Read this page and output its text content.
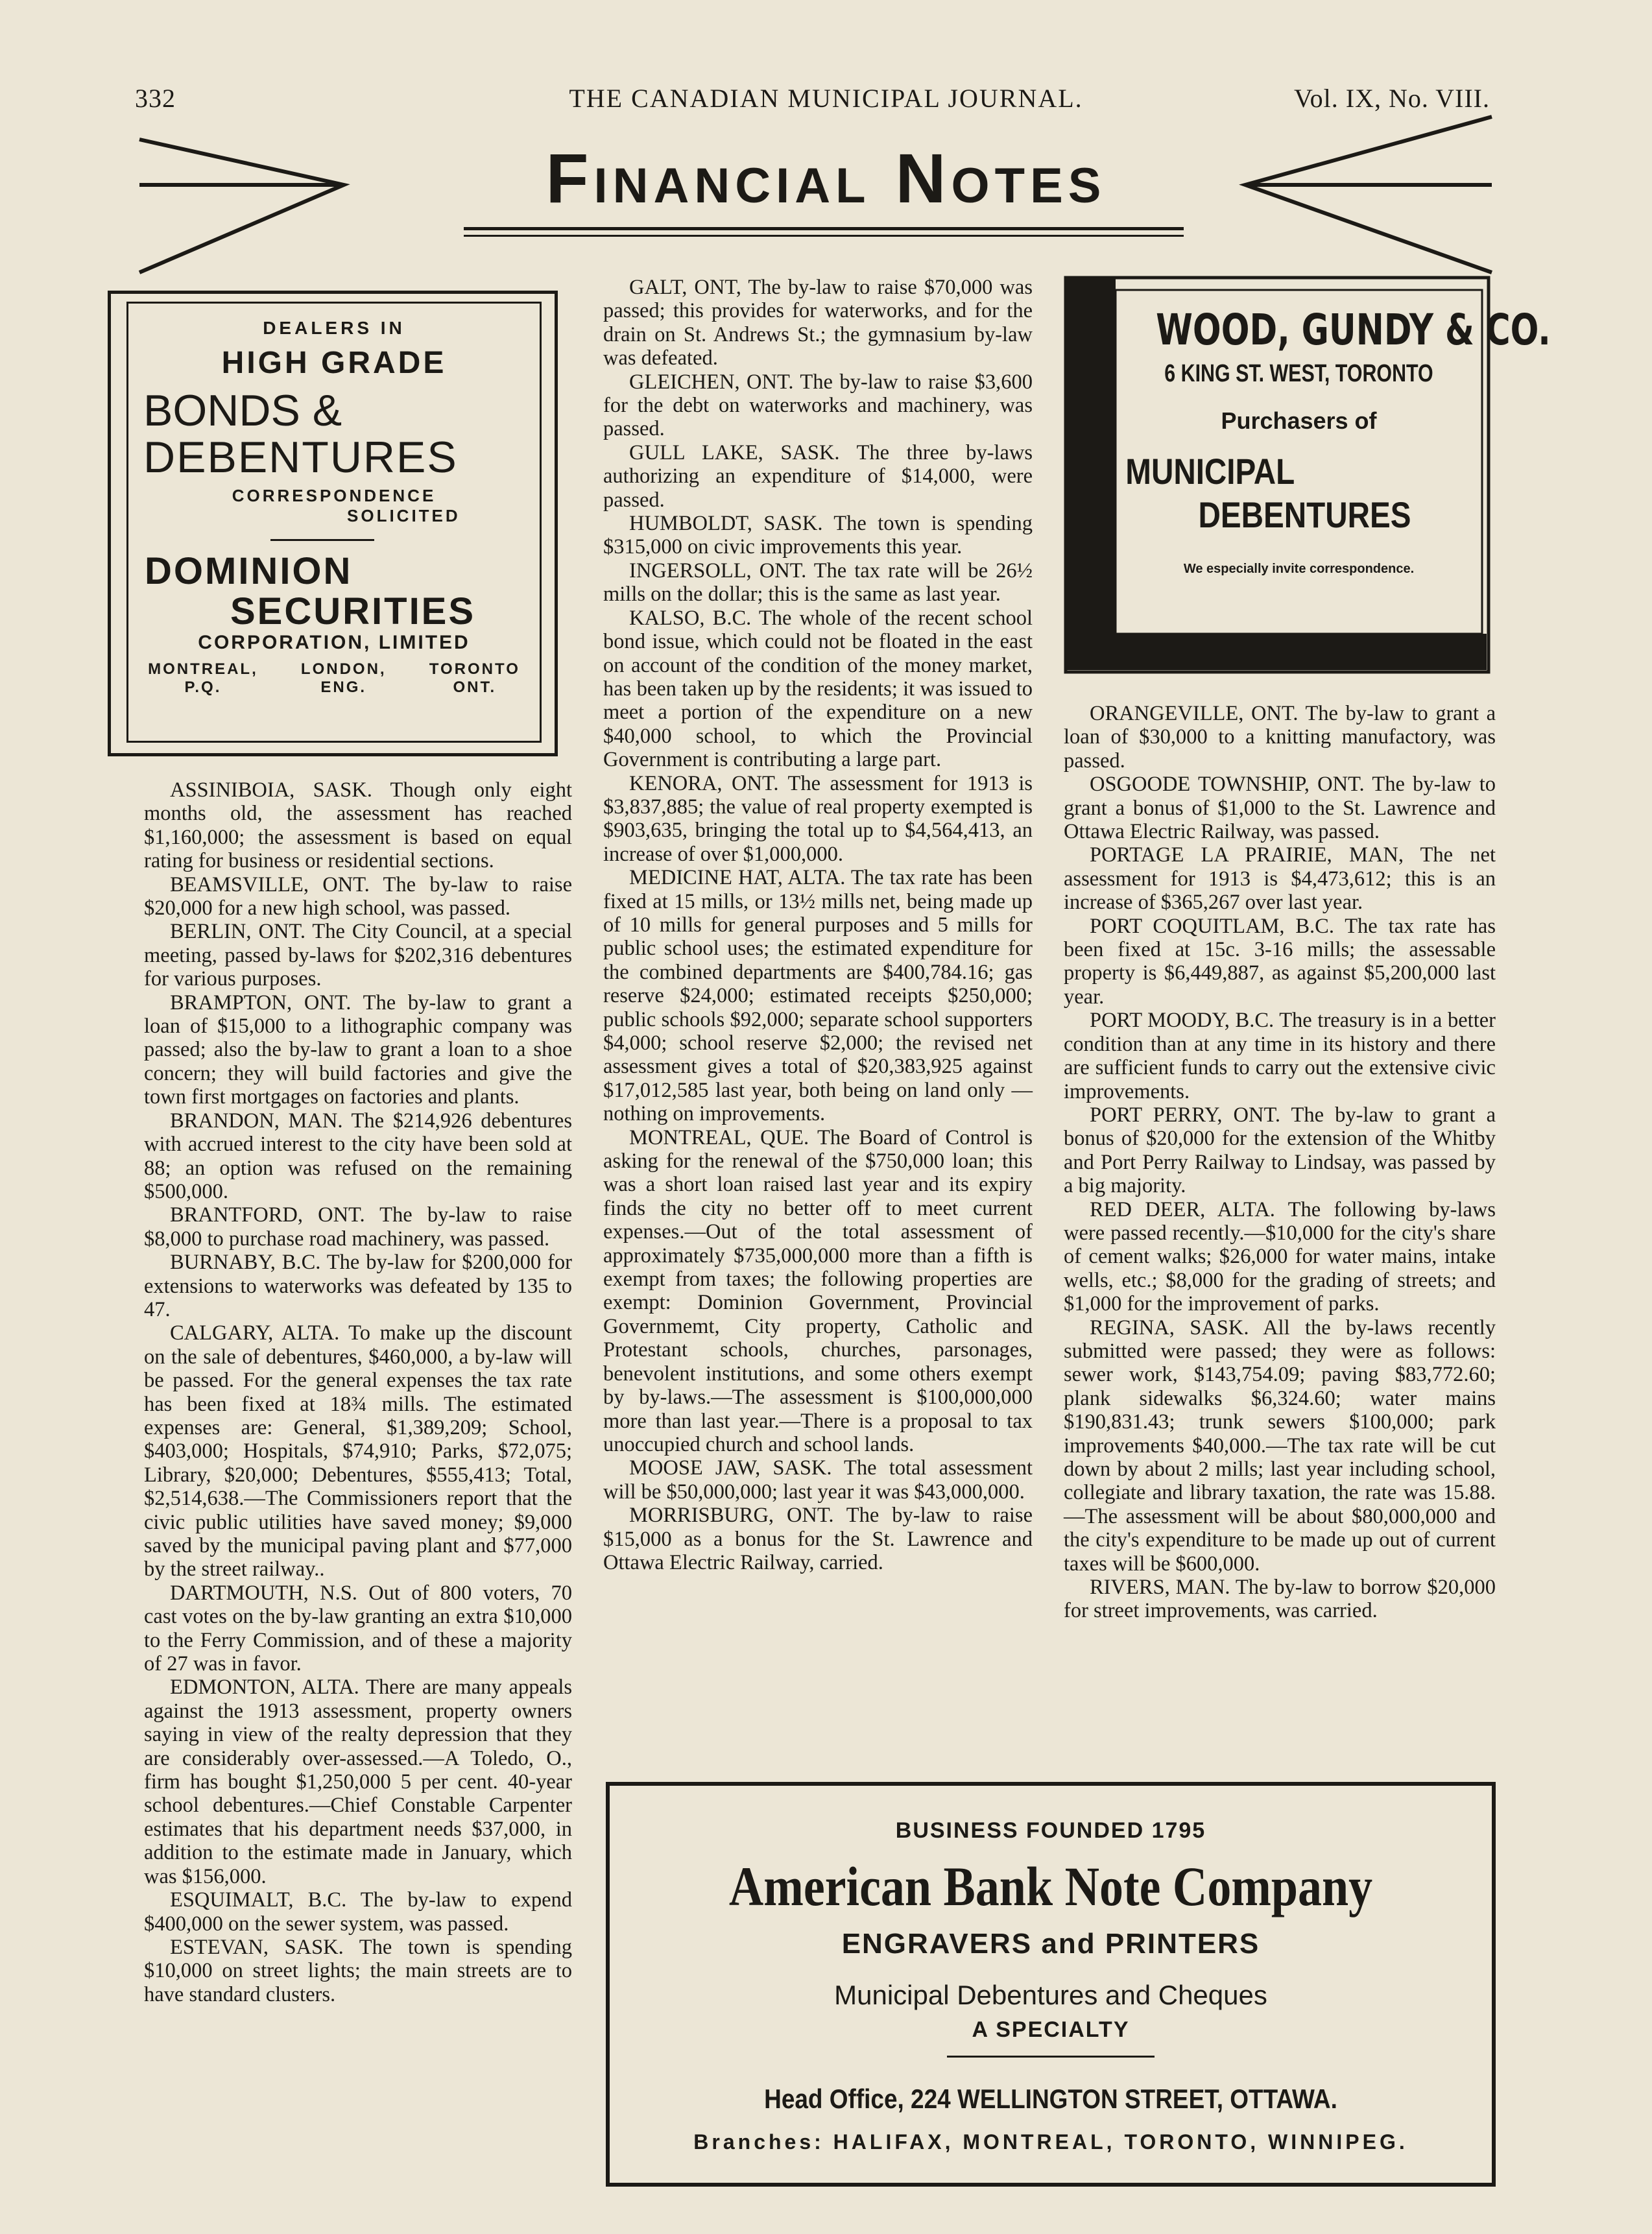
332	THE CANADIAN MUNICIPAL JOURNAL.	Vol. IX, No. VIII.
Financial Notes
DEALERS IN
HIGH GRADE
BONDS &
DEBENTURES
CORRESPONDENCE
SOLICITED
DOMINION
SECURITIES
CORPORATION, LIMITED
MONTREAL,
P.Q.
LONDON,
ENG.
TORONTO
ONT.
WOOD, GUNDY & CO.
6 KING ST. WEST, TORONTO
Purchasers of
MUNICIPAL
DEBENTURES
We especially invite correspondence.

ASSINIBOIA, SASK. Though only eight months old, the assessment has reached $1,160,000; the assessment is based on equal rating for business or residential sections.

BEAMSVILLE, ONT. The by-law to raise $20,000 for a new high school, was passed.

BERLIN, ONT. The City Council, at a special meeting, passed by-laws for $202,316 debentures for various purposes.

BRAMPTON, ONT. The by-law to grant a loan of $15,000 to a lithographic company was passed; also the by-law to grant a loan to a shoe concern; they will build factories and give the town first mortgages on factories and plants.

BRANDON, MAN. The $214,926 debentures with accrued interest to the city have been sold at 88; an option was refused on the remaining $500,000.

BRANTFORD, ONT. The by-law to raise $8,000 to purchase road machinery, was passed.

BURNABY, B.C. The by-law for $200,000 for extensions to waterworks was defeated by 135 to 47.

CALGARY, ALTA. To make up the discount on the sale of debentures, $460,000, a by-law will be passed. For the general expenses the tax rate has been fixed at 18¾ mills. The estimated expenses are: General, $1,389,209; School, $403,000; Hospitals, $74,910; Parks, $72,075; Library, $20,000; Debentures, $555,413; Total, $2,514,638.—The Commissioners report that the civic public utilities have saved money; $9,000 saved by the municipal paving plant and $77,000 by the street railway..

DARTMOUTH, N.S. Out of 800 voters, 70 cast votes on the by-law granting an extra $10,000 to the Ferry Commission, and of these a majority of 27 was in favor.

EDMONTON, ALTA. There are many appeals against the 1913 assessment, property owners saying in view of the realty depression that they are considerably over-assessed.—A Toledo, O., firm has bought $1,250,000 5 per cent. 40-year school debentures.—Chief Constable Carpenter estimates that his department needs $37,000, in addition to the estimate made in January, which was $156,000.

ESQUIMALT, B.C. The by-law to expend $400,000 on the sewer system, was passed.

ESTEVAN, SASK. The town is spending $10,000 on street lights; the main streets are to have standard clusters.

GALT, ONT, The by-law to raise $70,000 was passed; this provides for waterworks, and for the drain on St. Andrews St.; the gymnasium by-law was defeated.

GLEICHEN, ONT. The by-law to raise $3,600 for the debt on waterworks and machinery, was passed.

GULL LAKE, SASK. The three by-laws authorizing an expenditure of $14,000, were passed.

HUMBOLDT, SASK. The town is spending $315,000 on civic improvements this year.

INGERSOLL, ONT. The tax rate will be 26½ mills on the dollar; this is the same as last year.

KALSO, B.C. The whole of the recent school bond issue, which could not be floated in the east on account of the condition of the money market, has been taken up by the residents; it was issued to meet a portion of the expenditure on a new $40,000 school, to which the Provincial Government is contributing a large part.

KENORA, ONT. The assessment for 1913 is $3,837,885; the value of real property exempted is $903,635, bringing the total up to $4,564,413, an increase of over $1,000,000.

MEDICINE HAT, ALTA. The tax rate has been fixed at 15 mills, or 13½ mills net, being made up of 10 mills for general purposes and 5 mills for public school uses; the estimated expenditure for the combined departments are $400,784.16; gas reserve $24,000; estimated receipts $250,000; public schools $92,000; separate school supporters $4,000; school reserve $2,000; the revised net assessment gives a total of $20,383,925 against $17,012,585 last year, both being on land only —nothing on improvements.

MONTREAL, QUE. The Board of Control is asking for the renewal of the $750,000 loan; this was a short loan raised last year and its expiry finds the city no better off to meet current expenses.—Out of the total assessment of approximately $735,000,000 more than a fifth is exempt from taxes; the following properties are exempt: Dominion Government, Provincial Governmemt, City property, Catholic and Protestant schools, churches, parsonages, benevolent institutions, and some others exempt by by-laws.—The assessment is $100,000,000 more than last year.—There is a proposal to tax unoccupied church and school lands.

MOOSE JAW, SASK. The total assessment will be $50,000,000; last year it was $43,000,000.

MORRISBURG, ONT. The by-law to raise $15,000 as a bonus for the St. Lawrence and Ottawa Electric Railway, carried.

ORANGEVILLE, ONT. The by-law to grant a loan of $30,000 to a knitting manufactory, was passed.

OSGOODE TOWNSHIP, ONT. The by-law to grant a bonus of $1,000 to the St. Lawrence and Ottawa Electric Railway, was passed.

PORTAGE LA PRAIRIE, MAN, The net assessment for 1913 is $4,473,612; this is an increase of $365,267 over last year.

PORT COQUITLAM, B.C. The tax rate has been fixed at 15c. 3-16 mills; the assessable property is $6,449,887, as against $5,200,000 last year.

PORT MOODY, B.C. The treasury is in a better condition than at any time in its history and there are sufficient funds to carry out the extensive civic improvements.

PORT PERRY, ONT. The by-law to grant a bonus of $20,000 for the extension of the Whitby and Port Perry Railway to Lindsay, was passed by a big majority.

RED DEER, ALTA. The following by-laws were passed recently.—$10,000 for the city's share of cement walks; $26,000 for water mains, intake wells, etc.; $8,000 for the grading of streets; and $1,000 for the improvement of parks.

REGINA, SASK. All the by-laws recently submitted were passed; they were as follows: sewer work, $143,754.09; paving $83,772.60; plank sidewalks $6,324.60; water mains $190,831.43; trunk sewers $100,000; park improvements $40,000.—The tax rate will be cut down by about 2 mills; last year including school, collegiate and library taxation, the rate was 15.88.—The assessment will be about $80,000,000 and the city's expenditure to be made up out of current taxes will be $600,000.

RIVERS, MAN. The by-law to borrow $20,000 for street improvements, was carried.

BUSINESS FOUNDED 1795
American Bank Note Company
ENGRAVERS and PRINTERS
Municipal Debentures and Cheques
A SPECIALTY
Head Office, 224 WELLINGTON STREET, OTTAWA.
Branches: HALIFAX, MONTREAL, TORONTO, WINNIPEG.
